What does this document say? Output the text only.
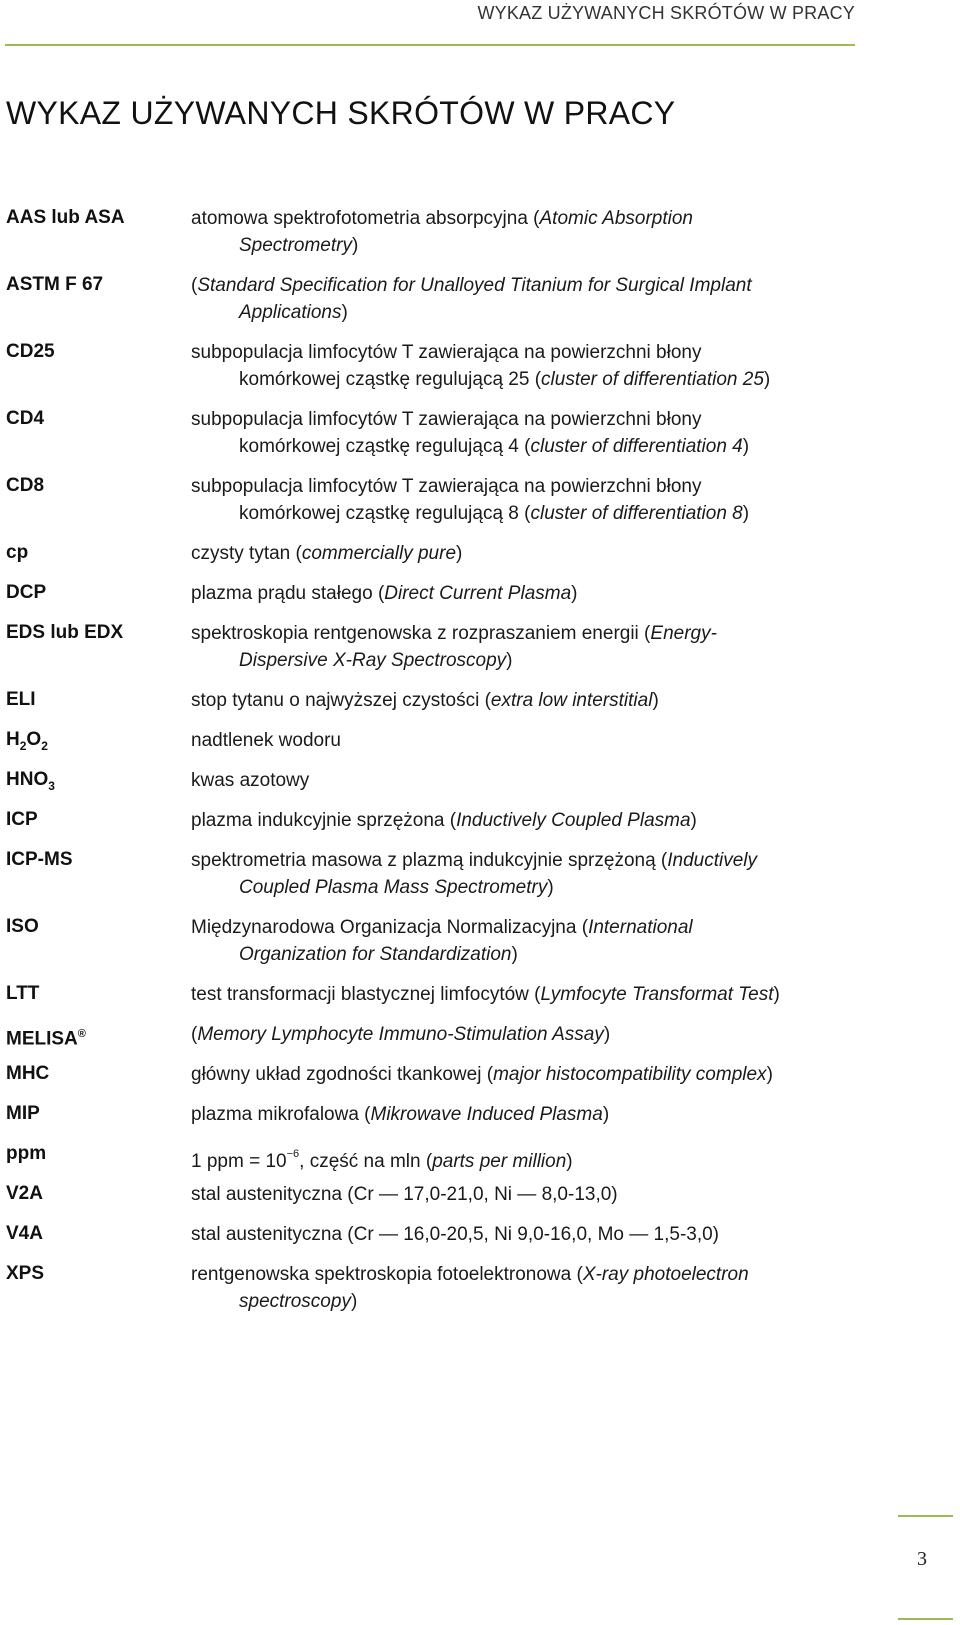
WYKAZ UŻYWANYCH SKRÓTÓW W PRACY
WYKAZ UŻYWANYCH SKRÓTÓW W PRACY
AAS lub ASA	atomowa spektrofotometria absorpcyjna (Atomic Absorption
Spectrometry)
ASTM F 67	(Standard Specification for Unalloyed Titanium for Surgical Implant
Applications)
CD25	subpopulacja limfocytów T zawierająca na powierzchni błony
komórkowej cząstkę regulującą 25 (cluster of differentiation 25)
CD4	subpopulacja limfocytów T zawierająca na powierzchni błony
komórkowej cząstkę regulującą 4 (cluster of differentiation 4)
CD8	subpopulacja limfocytów T zawierająca na powierzchni błony
komórkowej cząstkę regulującą 8 (cluster of differentiation 8)
cp	czysty tytan (commercially pure)
DCP	plazma prądu stałego (Direct Current Plasma)
EDS lub EDX	spektroskopia rentgenowska z rozpraszaniem energii (Energy-
Dispersive X-Ray Spectroscopy)
ELI	stop tytanu o najwyższej czystości (extra low interstitial)
$H_2O_2$	nadtlenek wodoru
$HNO_3$	kwas azotowy
ICP	plazma indukcyjnie sprzężona (Inductively Coupled Plasma)
ICP-MS	spektrometria masowa z plazmą indukcyjnie sprzężoną (Inductively
Coupled Plasma Mass Spectrometry)
ISO	Międzynarodowa Organizacja Normalizacyjna (International
Organization for Standardization)
LTT	test transformacji blastycznej limfocytów (Lymfocyte Transformat Test)
MELISA®	(Memory Lymphocyte Immuno-Stimulation Assay)
MHC	główny układ zgodności tkankowej (major histocompatibility complex)
MIP	plazma mikrofalowa (Mikrowave Induced Plasma)
ppm	1 ppm = $10^{-6}$, część na mln (parts per million)
V2A	stal austenityczna (Cr — 17,0-21,0, Ni — 8,0-13,0)
V4A	stal austenityczna (Cr — 16,0-20,5, Ni 9,0-16,0, Mo — 1,5-3,0)
XPS	rentgenowska spektroskopia fotoelektronowa (X-ray photoelectron
spectroscopy)
3
